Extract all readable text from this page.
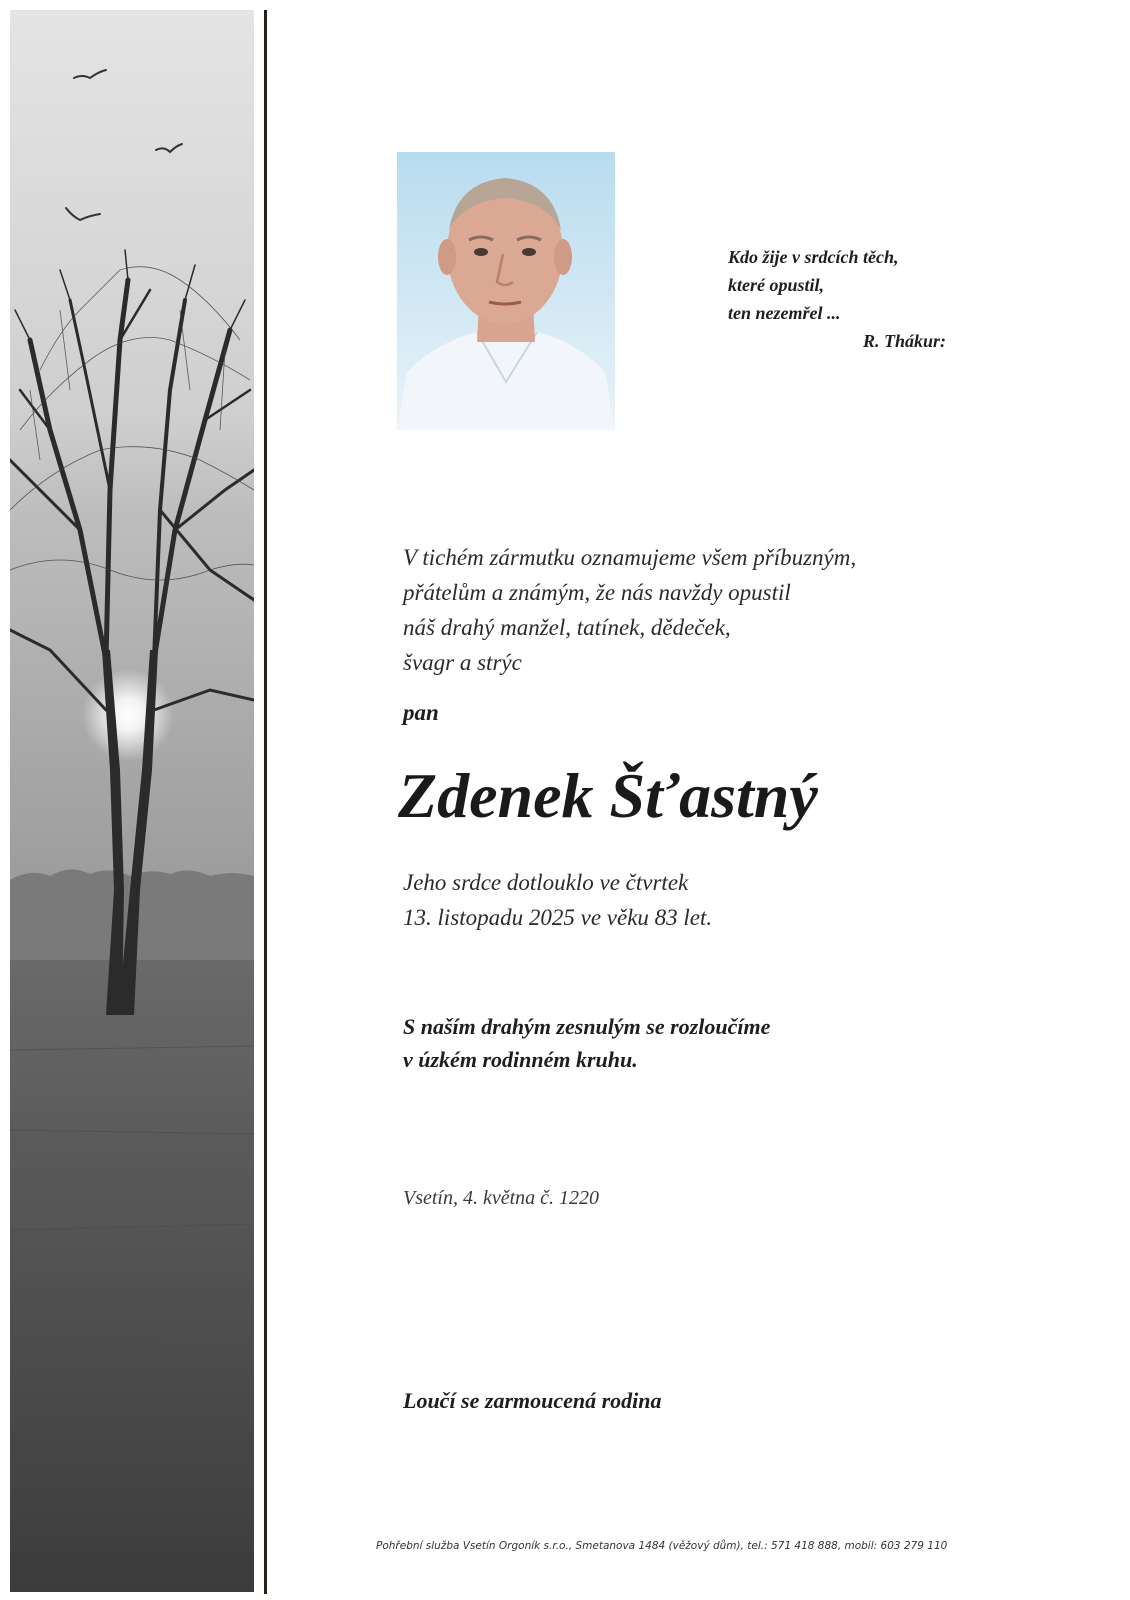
Kdo žije v srdcích těch,
které opustil,
ten nezemřel ...
R. Thákur:
V tichém zármutku oznamujeme všem příbuzným,
přátelům a známým, že nás navždy opustil
náš drahý manžel, tatínek, dědeček,
švagr a strýc
pan
Zdenek Šťastný
Jeho srdce dotlouklo ve čtvrtek
13. listopadu 2025 ve věku 83 let.
S naším drahým zesnulým se rozloučíme
v úzkém rodinném kruhu.
Vsetín, 4. května č. 1220
Loučí se zarmoucená rodina
Pohřební služba Vsetín Orgoník s.r.o., Smetanova 1484 (věžový dům), tel.: 571 418 888, mobil: 603 279 110
